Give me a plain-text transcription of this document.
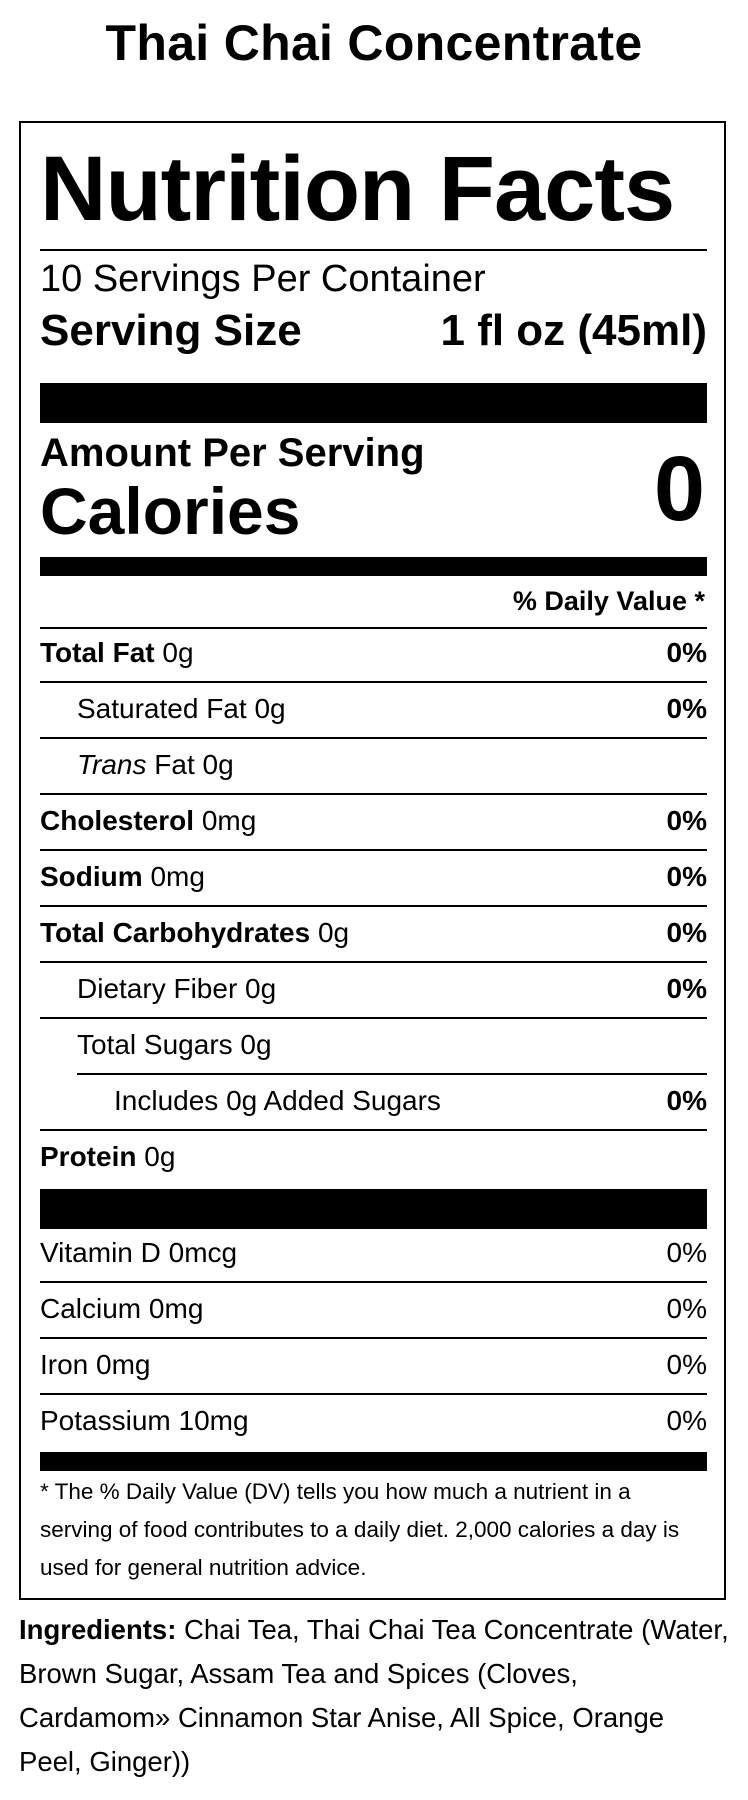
Thai Chai Concentrate
Nutrition Facts
10 Servings Per Container
Serving Size	1 fl oz (45ml)
Amount Per Serving
Calories	0
% Daily Value *
Total Fat 0g	0%
Saturated Fat 0g	0%
Trans Fat 0g
Cholesterol 0mg	0%
Sodium 0mg	0%
Total Carbohydrates 0g	0%
Dietary Fiber 0g	0%
Total Sugars 0g
Includes 0g Added Sugars	0%
Protein 0g
Vitamin D 0mcg	0%
Calcium 0mg	0%
Iron 0mg	0%
Potassium 10mg	0%
* The % Daily Value (DV) tells you how much a nutrient in a serving of food contributes to a daily diet. 2,000 calories a day is used for general nutrition advice.
Ingredients: Chai Tea, Thai Chai Tea Concentrate (Water, Brown Sugar, Assam Tea and Spices (Cloves, Cardamom» Cinnamon Star Anise, All Spice, Orange Peel, Ginger))
